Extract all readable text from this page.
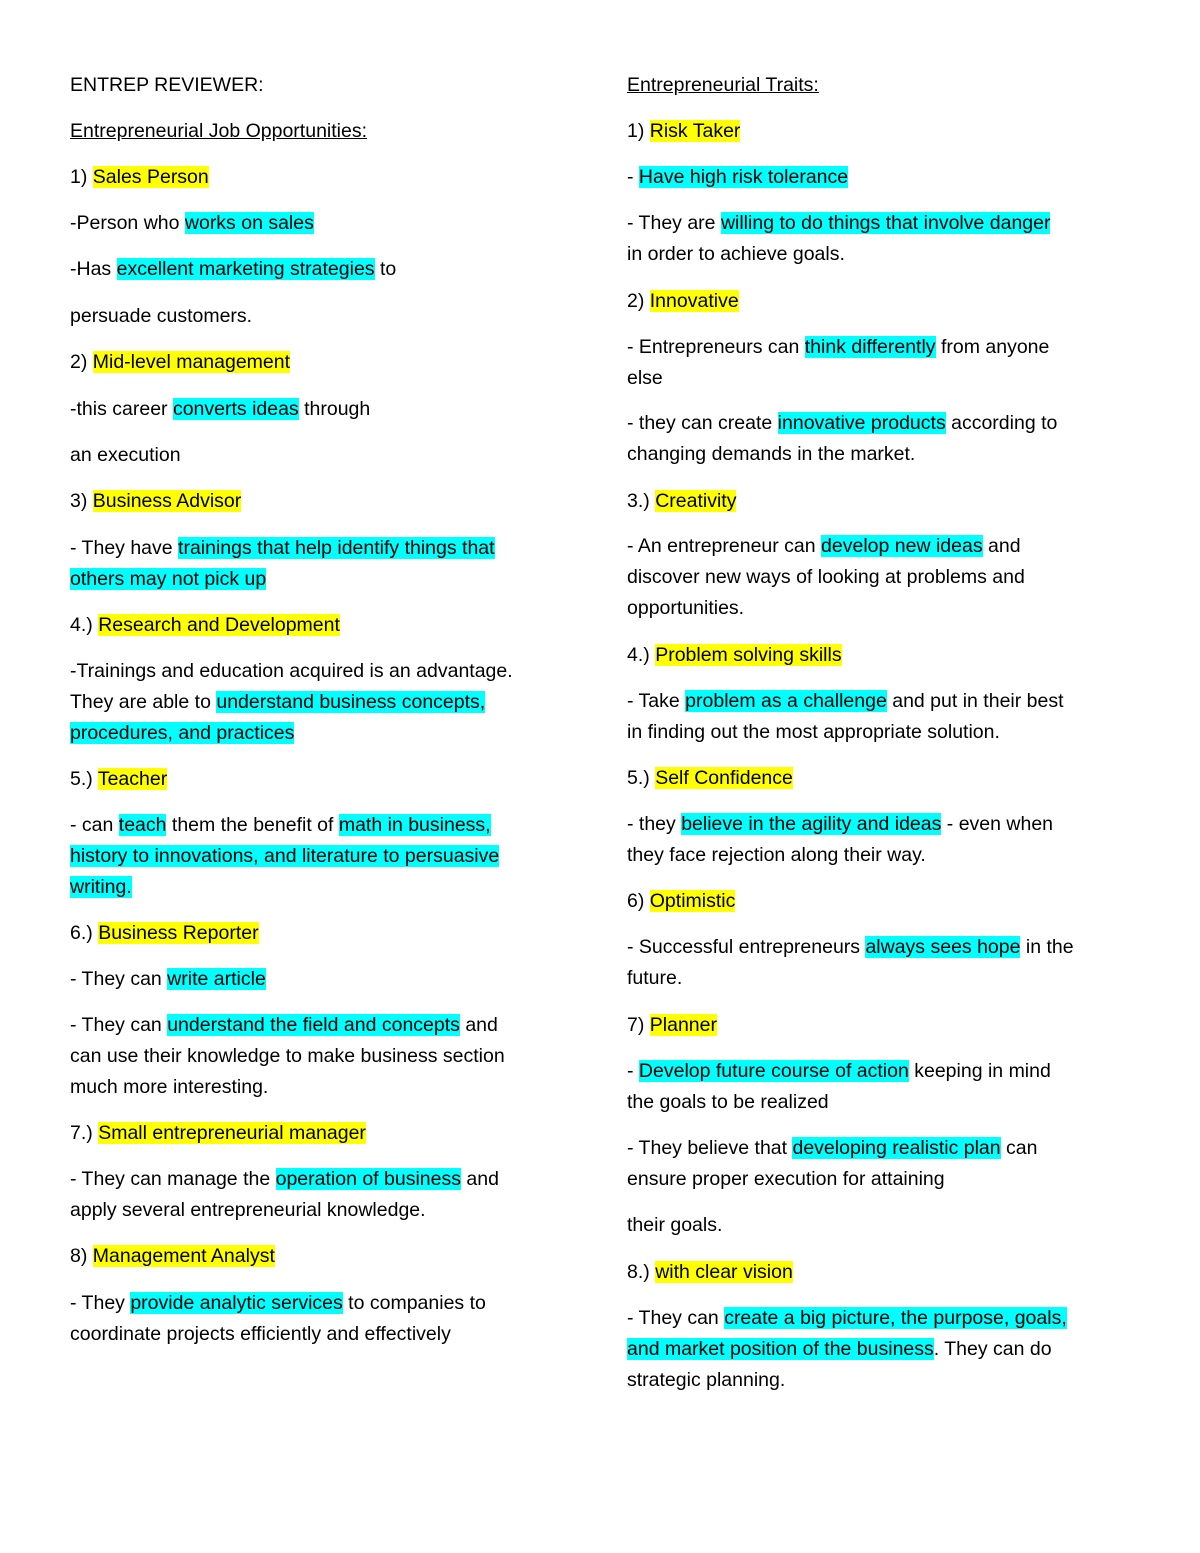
ENTREP REVIEWER:
Entrepreneurial Job Opportunities:
1) Sales Person
-Person who works on sales
-Has excellent marketing strategies to
persuade customers.
2) Mid-level management
-this career converts ideas through
an execution
3) Business Advisor
- They have trainings that help identify things that
others may not pick up
4.) Research and Development
-Trainings and education acquired is an advantage.
They are able to understand business concepts,
procedures, and practices
5.) Teacher
- can teach them the benefit of math in business,
history to innovations, and literature to persuasive
writing.
6.) Business Reporter
- They can write article
- They can understand the field and concepts and
can use their knowledge to make business section
much more interesting.
7.) Small entrepreneurial manager
- They can manage the operation of business and
apply several entrepreneurial knowledge.
8) Management Analyst
- They provide analytic services to companies to
coordinate projects efficiently and effectively
Entrepreneurial Traits:
1) Risk Taker
- Have high risk tolerance
- They are willing to do things that involve danger
in order to achieve goals.
2) Innovative
- Entrepreneurs can think differently from anyone
else
- they can create innovative products according to
changing demands in the market.
3.) Creativity
- An entrepreneur can develop new ideas and
discover new ways of looking at problems and
opportunities.
4.) Problem solving skills
- Take problem as a challenge and put in their best
in finding out the most appropriate solution.
5.) Self Confidence
- they believe in the agility and ideas - even when
they face rejection along their way.
6) Optimistic
- Successful entrepreneurs always sees hope in the
future.
7) Planner
- Develop future course of action keeping in mind
the goals to be realized
- They believe that developing realistic plan can
ensure proper execution for attaining
their goals.
8.) with clear vision
- They can create a big picture, the purpose, goals,
and market position of the business. They can do
strategic planning.
